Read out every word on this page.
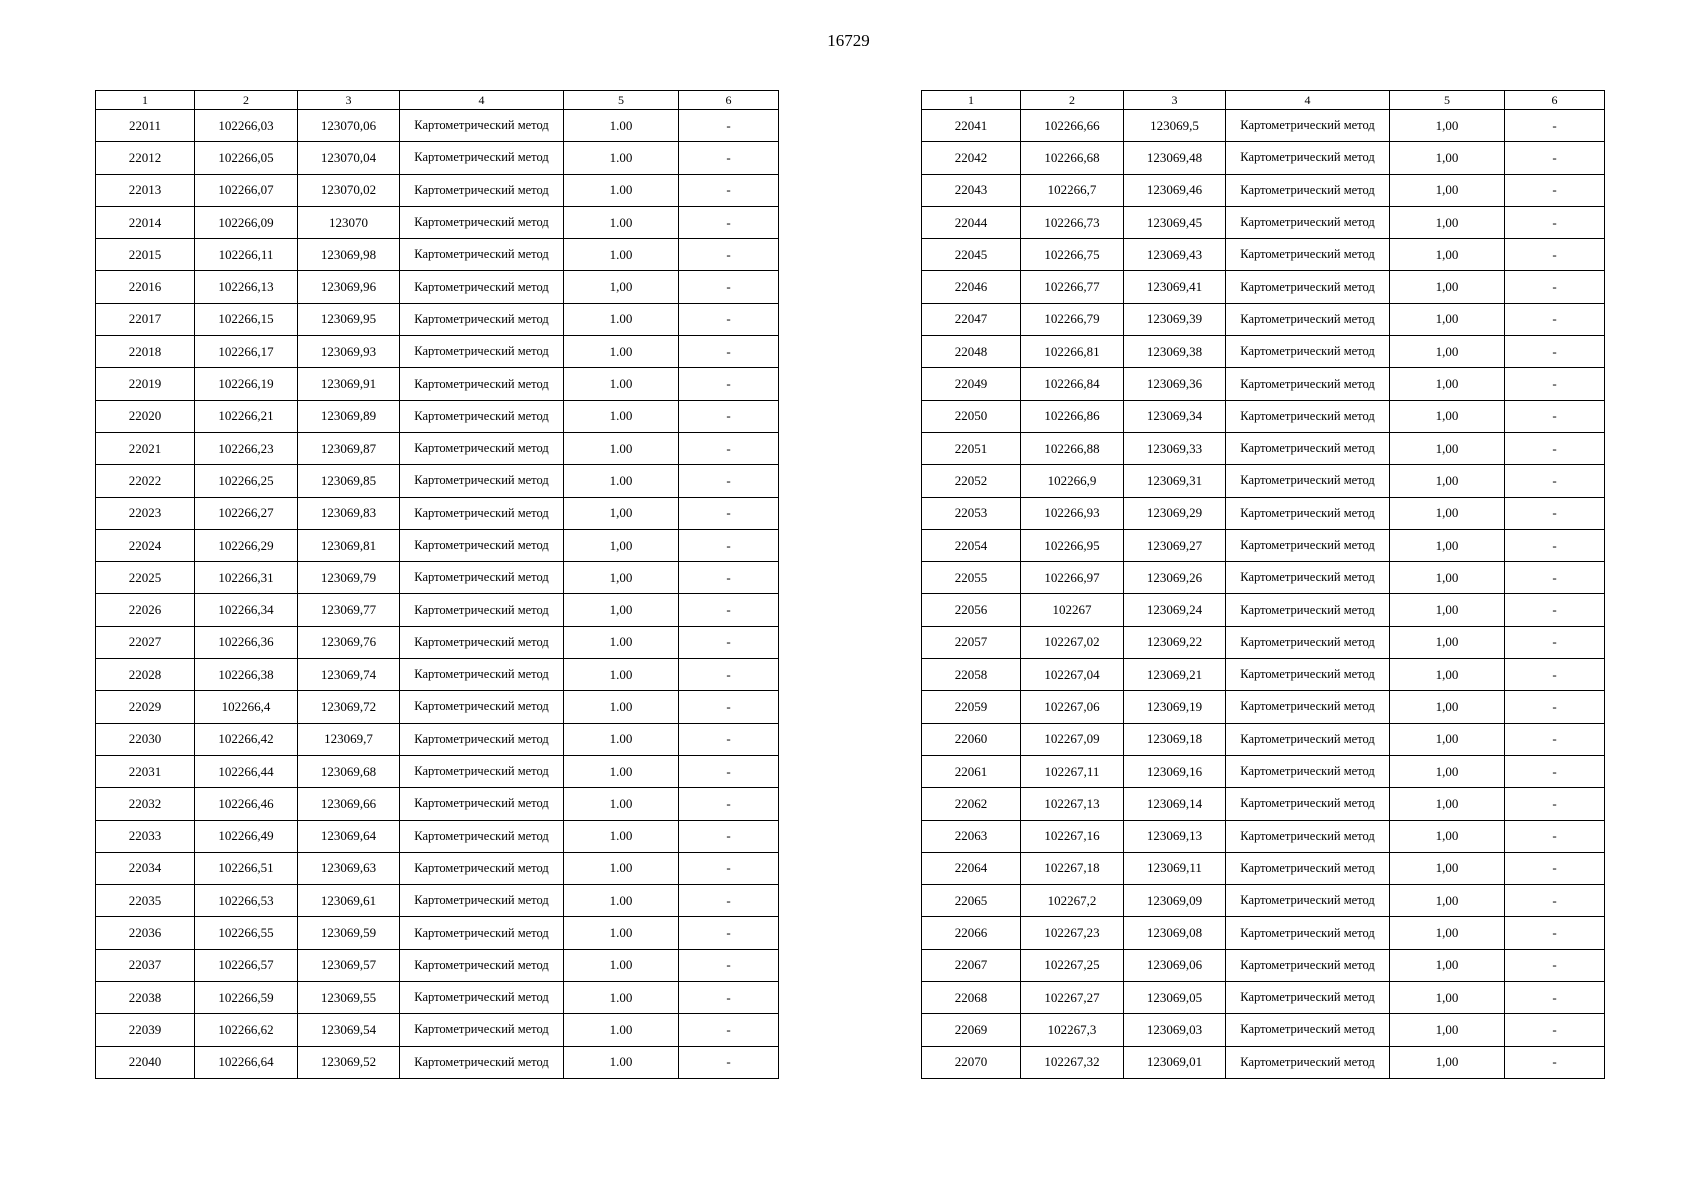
16729
1	2	3	4	5	6
22011	102266,03	123070,06	Картометрический метод	1.00	-
22012	102266,05	123070,04	Картометрический метод	1.00	-
22013	102266,07	123070,02	Картометрический метод	1.00	-
22014	102266,09	123070	Картометрический метод	1.00	-
22015	102266,11	123069,98	Картометрический метод	1.00	-
22016	102266,13	123069,96	Картометрический метод	1,00	-
22017	102266,15	123069,95	Картометрический метод	1.00	-
22018	102266,17	123069,93	Картометрический метод	1.00	-
22019	102266,19	123069,91	Картометрический метод	1.00	-
22020	102266,21	123069,89	Картометрический метод	1.00	-
22021	102266,23	123069,87	Картометрический метод	1.00	-
22022	102266,25	123069,85	Картометрический метод	1.00	-
22023	102266,27	123069,83	Картометрический метод	1,00	-
22024	102266,29	123069,81	Картометрический метод	1,00	-
22025	102266,31	123069,79	Картометрический метод	1,00	-
22026	102266,34	123069,77	Картометрический метод	1,00	-
22027	102266,36	123069,76	Картометрический метод	1.00	-
22028	102266,38	123069,74	Картометрический метод	1.00	-
22029	102266,4	123069,72	Картометрический метод	1.00	-
22030	102266,42	123069,7	Картометрический метод	1.00	-
22031	102266,44	123069,68	Картометрический метод	1.00	-
22032	102266,46	123069,66	Картометрический метод	1.00	-
22033	102266,49	123069,64	Картометрический метод	1.00	-
22034	102266,51	123069,63	Картометрический метод	1.00	-
22035	102266,53	123069,61	Картометрический метод	1.00	-
22036	102266,55	123069,59	Картометрический метод	1.00	-
22037	102266,57	123069,57	Картометрический метод	1.00	-
22038	102266,59	123069,55	Картометрический метод	1.00	-
22039	102266,62	123069,54	Картометрический метод	1.00	-
22040	102266,64	123069,52	Картометрический метод	1.00	-
1	2	3	4	5	6
22041	102266,66	123069,5	Картометрический метод	1,00	-
22042	102266,68	123069,48	Картометрический метод	1,00	-
22043	102266,7	123069,46	Картометрический метод	1,00	-
22044	102266,73	123069,45	Картометрический метод	1,00	-
22045	102266,75	123069,43	Картометрический метод	1,00	-
22046	102266,77	123069,41	Картометрический метод	1,00	-
22047	102266,79	123069,39	Картометрический метод	1,00	-
22048	102266,81	123069,38	Картометрический метод	1,00	-
22049	102266,84	123069,36	Картометрический метод	1,00	-
22050	102266,86	123069,34	Картометрический метод	1,00	-
22051	102266,88	123069,33	Картометрический метод	1,00	-
22052	102266,9	123069,31	Картометрический метод	1,00	-
22053	102266,93	123069,29	Картометрический метод	1,00	-
22054	102266,95	123069,27	Картометрический метод	1,00	-
22055	102266,97	123069,26	Картометрический метод	1,00	-
22056	102267	123069,24	Картометрический метод	1,00	-
22057	102267,02	123069,22	Картометрический метод	1,00	-
22058	102267,04	123069,21	Картометрический метод	1,00	-
22059	102267,06	123069,19	Картометрический метод	1,00	-
22060	102267,09	123069,18	Картометрический метод	1,00	-
22061	102267,11	123069,16	Картометрический метод	1,00	-
22062	102267,13	123069,14	Картометрический метод	1,00	-
22063	102267,16	123069,13	Картометрический метод	1,00	-
22064	102267,18	123069,11	Картометрический метод	1,00	-
22065	102267,2	123069,09	Картометрический метод	1,00	-
22066	102267,23	123069,08	Картометрический метод	1,00	-
22067	102267,25	123069,06	Картометрический метод	1,00	-
22068	102267,27	123069,05	Картометрический метод	1,00	-
22069	102267,3	123069,03	Картометрический метод	1,00	-
22070	102267,32	123069,01	Картометрический метод	1,00	-
